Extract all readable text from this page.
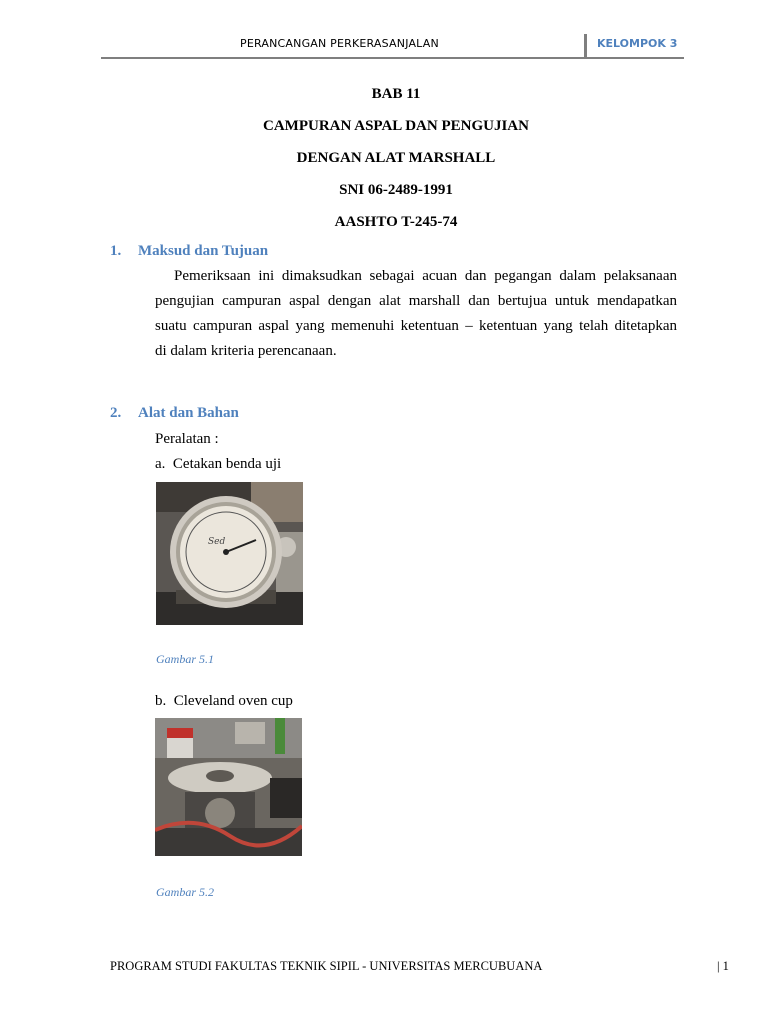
PERANCANGAN PERKERASANJALAN	KELOMPOK 3
BAB 11
CAMPURAN ASPAL DAN PENGUJIAN
DENGAN ALAT MARSHALL
SNI 06-2489-1991
AASHTO T-245-74
1. Maksud dan Tujuan
Pemeriksaan ini dimaksudkan sebagai acuan dan pegangan dalam pelaksanaan
pengujian campuran aspal dengan alat marshall dan bertujua untuk mendapatkan
suatu campuran aspal yang memenuhi ketentuan – ketentuan yang telah ditetapkan
di dalam kriteria perencanaan.
2. Alat dan Bahan
Peralatan :
a. Cetakan benda uji
Sed
Gambar 5.1
b. Cleveland oven cup
Gambar 5.2
PROGRAM STUDI FAKULTAS TEKNIK SIPIL - UNIVERSITAS MERCUBUANA	| 1
